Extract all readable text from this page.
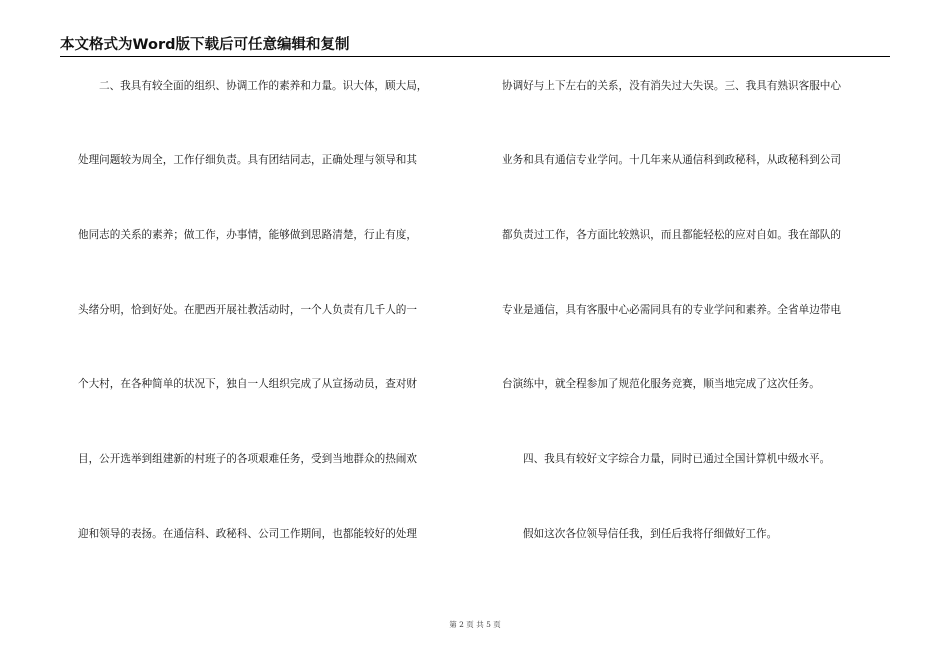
本文格式为Word版下载后可任意编辑和复制
二、我具有较全面的组织、协调工作的素养和力量。识大体，顾大局，
处理问题较为周全，工作仔细负责。具有团结同志，正确处理与领导和其
他同志的关系的素养；做工作，办事情，能够做到思路清楚，行止有度，
头绪分明，恰到好处。在肥西开展社教活动时，一个人负责有几千人的一
个大村，在各种简单的状况下，独自一人组织完成了从宣扬动员，查对财
目，公开选举到组建新的村班子的各项艰难任务，受到当地群众的热闹欢
迎和领导的表扬。在通信科、政秘科、公司工作期间，也都能较好的处理
协调好与上下左右的关系，没有消失过大失误。三、我具有熟识客服中心
业务和具有通信专业学问。十几年来从通信科到政秘科，从政秘科到公司
都负责过工作，各方面比较熟识，而且都能轻松的应对自如。我在部队的
专业是通信，具有客服中心必需同具有的专业学问和素养。全省单边带电
台演练中，就全程参加了规范化服务竞赛，顺当地完成了这次任务。
四、我具有较好文字综合力量，同时已通过全国计算机中级水平。
假如这次各位领导信任我，到任后我将仔细做好工作。
第 2 页 共 5 页
